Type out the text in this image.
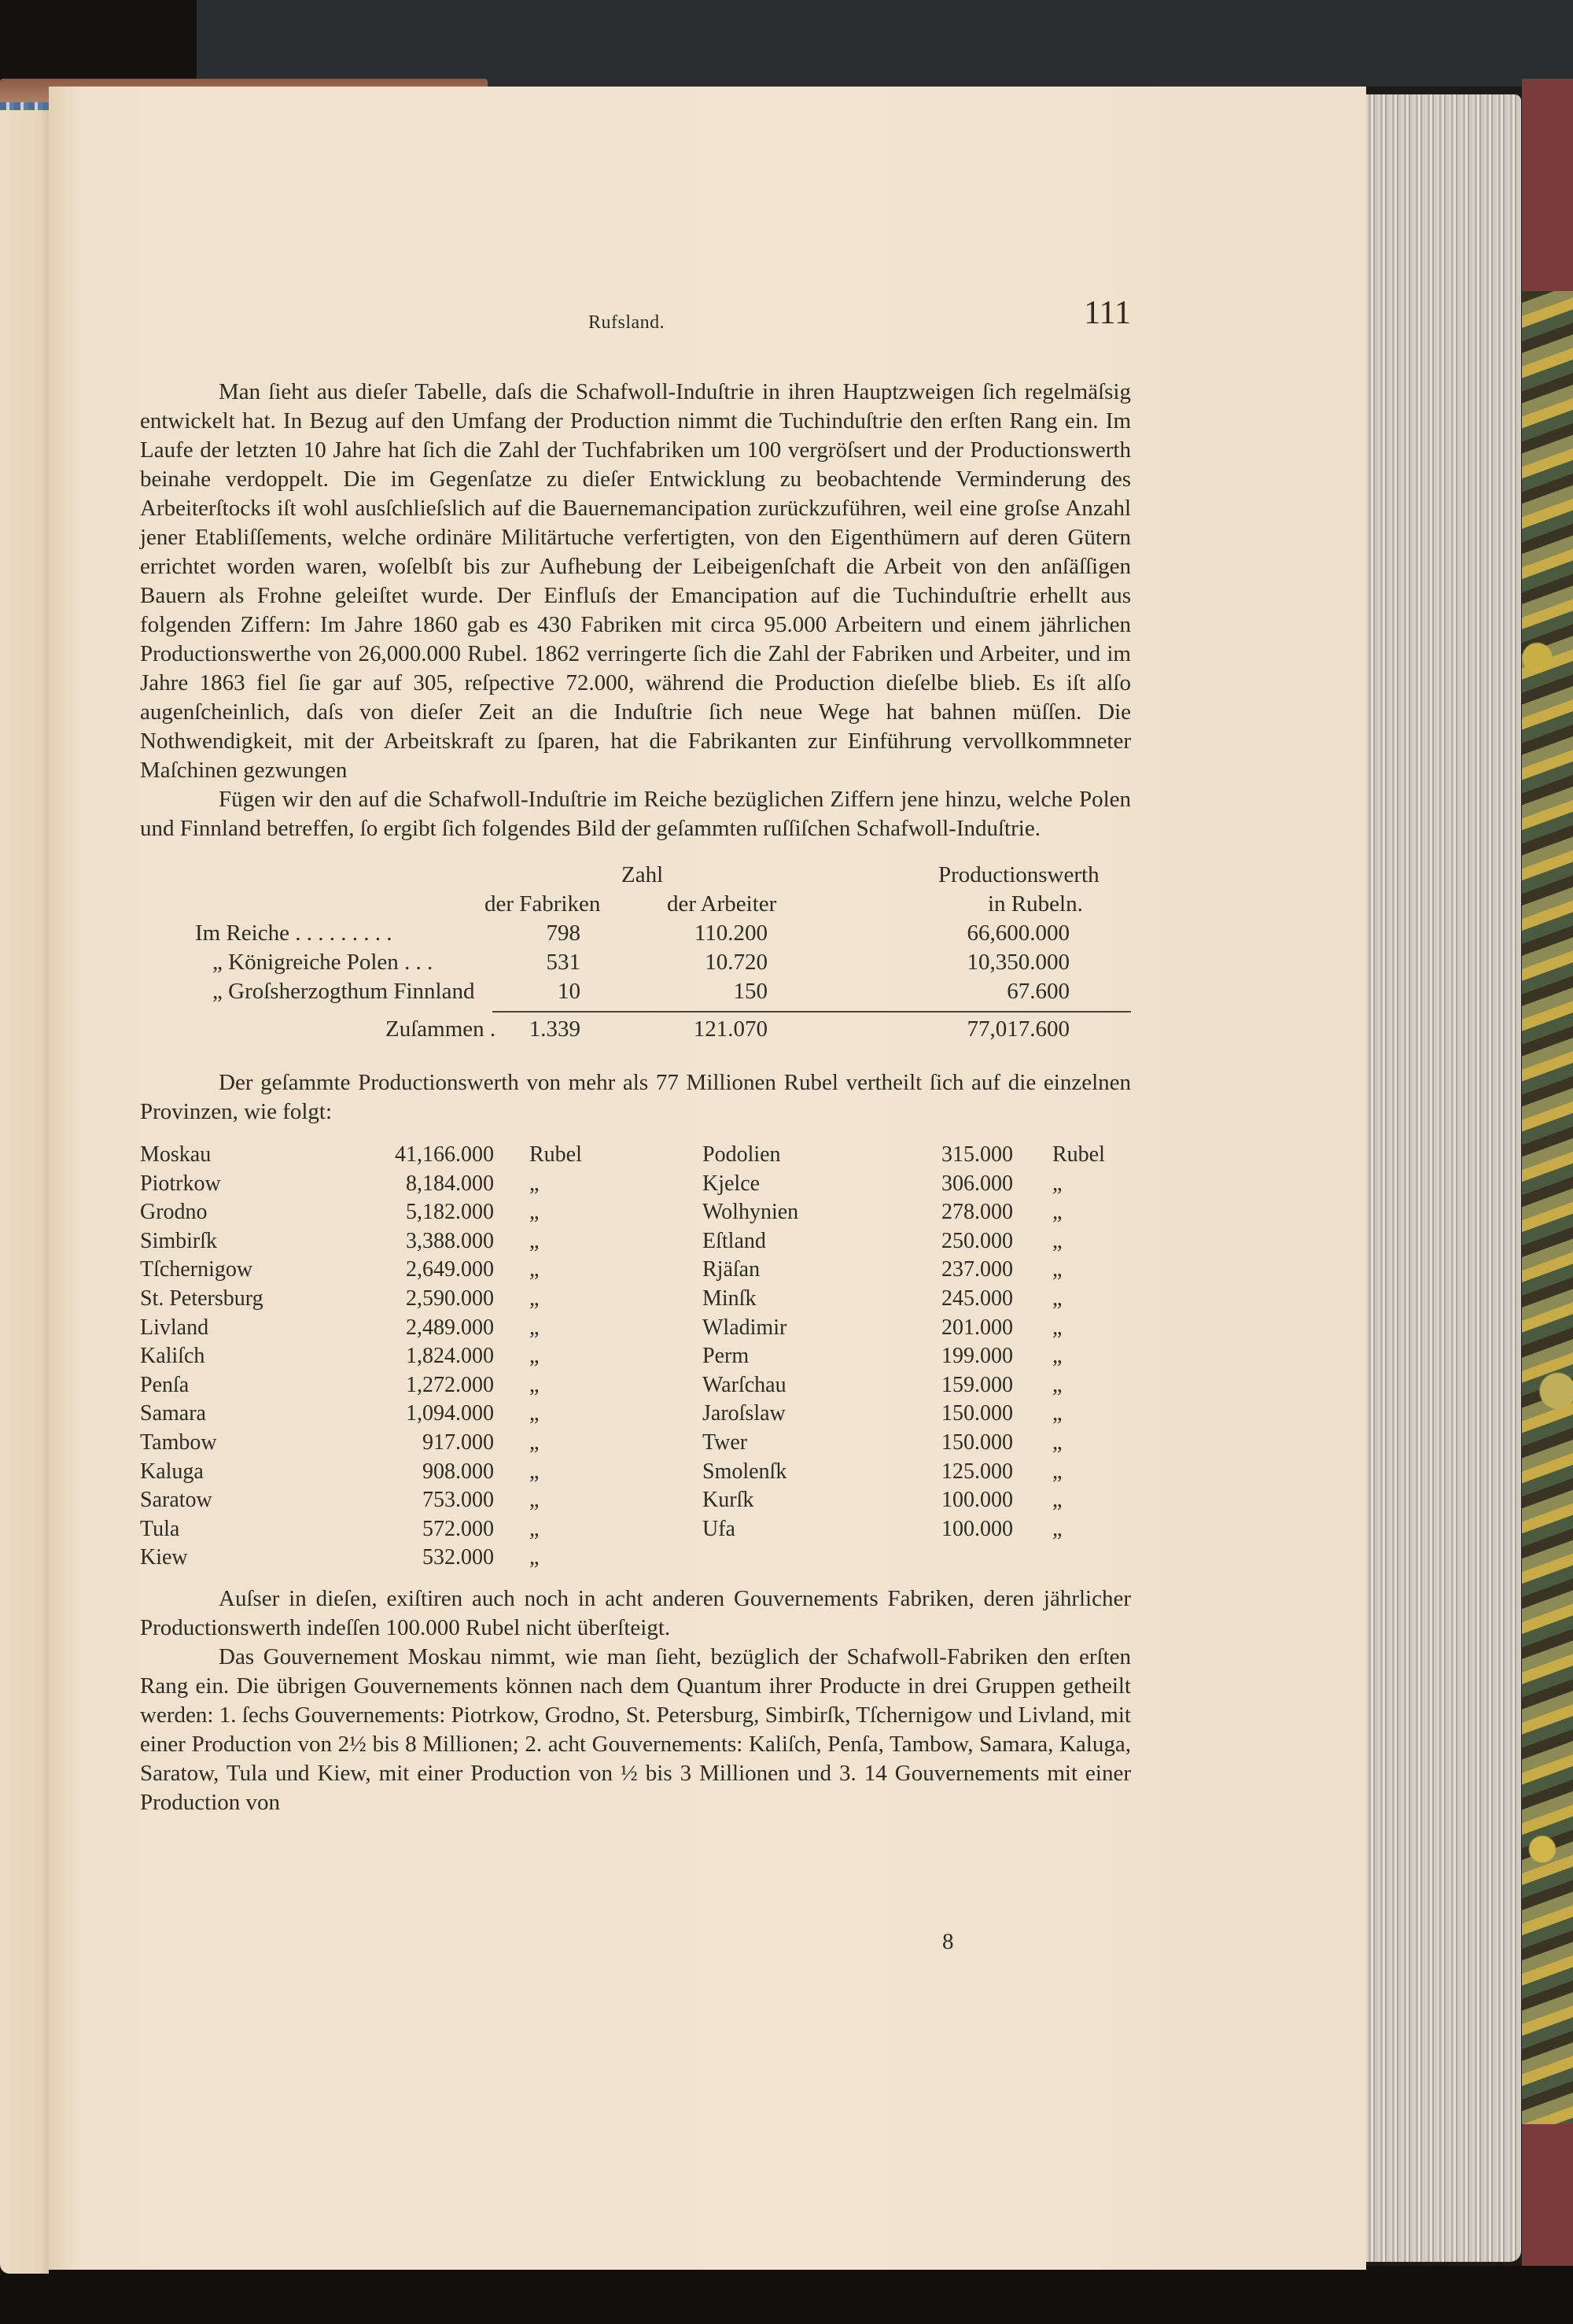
Rufsland.	111

Man ſieht aus dieſer Tabelle, daſs die Schafwoll-Induſtrie in ihren Hauptzweigen ſich regelmäſsig entwickelt hat. In Bezug auf den Umfang der Production nimmt die Tuchinduſtrie den erſten Rang ein. Im Laufe der letzten 10 Jahre hat ſich die Zahl der Tuchfabriken um 100 vergröſsert und der Productionswerth beinahe verdoppelt. Die im Gegenſatze zu dieſer Entwicklung zu beobachtende Verminderung des Arbeiterſtocks iſt wohl ausſchlieſslich auf die Bauernemancipation zurückzuführen, weil eine groſse Anzahl jener Etabliſſements, welche ordinäre Militärtuche verfertigten, von den Eigenthümern auf deren Gütern errichtet worden waren, woſelbſt bis zur Aufhebung der Leibeigenſchaft die Arbeit von den anſäſſigen Bauern als Frohne geleiſtet wurde. Der Einfluſs der Emancipation auf die Tuchinduſtrie erhellt aus folgenden Ziffern: Im Jahre 1860 gab es 430 Fabriken mit circa 95.000 Arbeitern und einem jährlichen Productionswerthe von 26,000.000 Rubel. 1862 verringerte ſich die Zahl der Fabriken und Arbeiter, und im Jahre 1863 fiel ſie gar auf 305, reſpective 72.000, während die Production dieſelbe blieb. Es iſt alſo augenſcheinlich, daſs von dieſer Zeit an die Induſtrie ſich neue Wege hat bahnen müſſen. Die Nothwendigkeit, mit der Arbeitskraft zu ſparen, hat die Fabrikanten zur Einführung vervollkommneter Maſchinen gezwungen

Fügen wir den auf die Schafwoll-Induſtrie im Reiche bezüglichen Ziffern jene hinzu, welche Polen und Finnland betreffen, ſo ergibt ſich folgendes Bild der geſammten ruſſiſchen Schafwoll-Induſtrie.

Zahl	Productionswerth
der Fabriken	der Arbeiter	in Rubeln.
Im Reiche . . . . . . . . .	798	110.200	66,600.000
„ Königreiche Polen . . .	531	10.720	10,350.000
„ Groſsherzogthum Finnland	10	150	67.600
Zuſammen . 1.339	121.070	77,017.600

Der geſammte Productionswerth von mehr als 77 Millionen Rubel vertheilt ſich auf die einzelnen Provinzen, wie folgt:

Moskau	41,166.000 Rubel
Piotrkow	8,184.000 „
Grodno	5,182.000 „
Simbirſk	3,388.000 „
Tſchernigow	2,649.000 „
St. Petersburg	2,590.000 „
Livland	2,489.000 „
Kaliſch	1,824.000 „
Penſa	1,272.000 „
Samara	1,094.000 „
Tambow	917.000 „
Kaluga	908.000 „
Saratow	753.000 „
Tula	572.000 „
Kiew	532.000 „
Podolien	315.000 Rubel
Kjelce	306.000 „
Wolhynien	278.000 „
Eſtland	250.000 „
Rjäſan	237.000 „
Minſk	245.000 „
Wladimir	201.000 „
Perm	199.000 „
Warſchau	159.000 „
Jaroſslaw	150.000 „
Twer	150.000 „
Smolenſk	125.000 „
Kurſk	100.000 „
Ufa	100.000 „

Auſser in dieſen, exiſtiren auch noch in acht anderen Gouvernements Fabriken, deren jährlicher Productionswerth indeſſen 100.000 Rubel nicht überſteigt.

Das Gouvernement Moskau nimmt, wie man ſieht, bezüglich der Schafwoll-Fabriken den erſten Rang ein. Die übrigen Gouvernements können nach dem Quantum ihrer Producte in drei Gruppen getheilt werden: 1. ſechs Gouvernements: Piotrkow, Grodno, St. Petersburg, Simbirſk, Tſchernigow und Livland, mit einer Production von 2½ bis 8 Millionen; 2. acht Gouvernements: Kaliſch, Penſa, Tambow, Samara, Kaluga, Saratow, Tula und Kiew, mit einer Production von ½ bis 3 Millionen und 3. 14 Gouvernements mit einer Production von

8
